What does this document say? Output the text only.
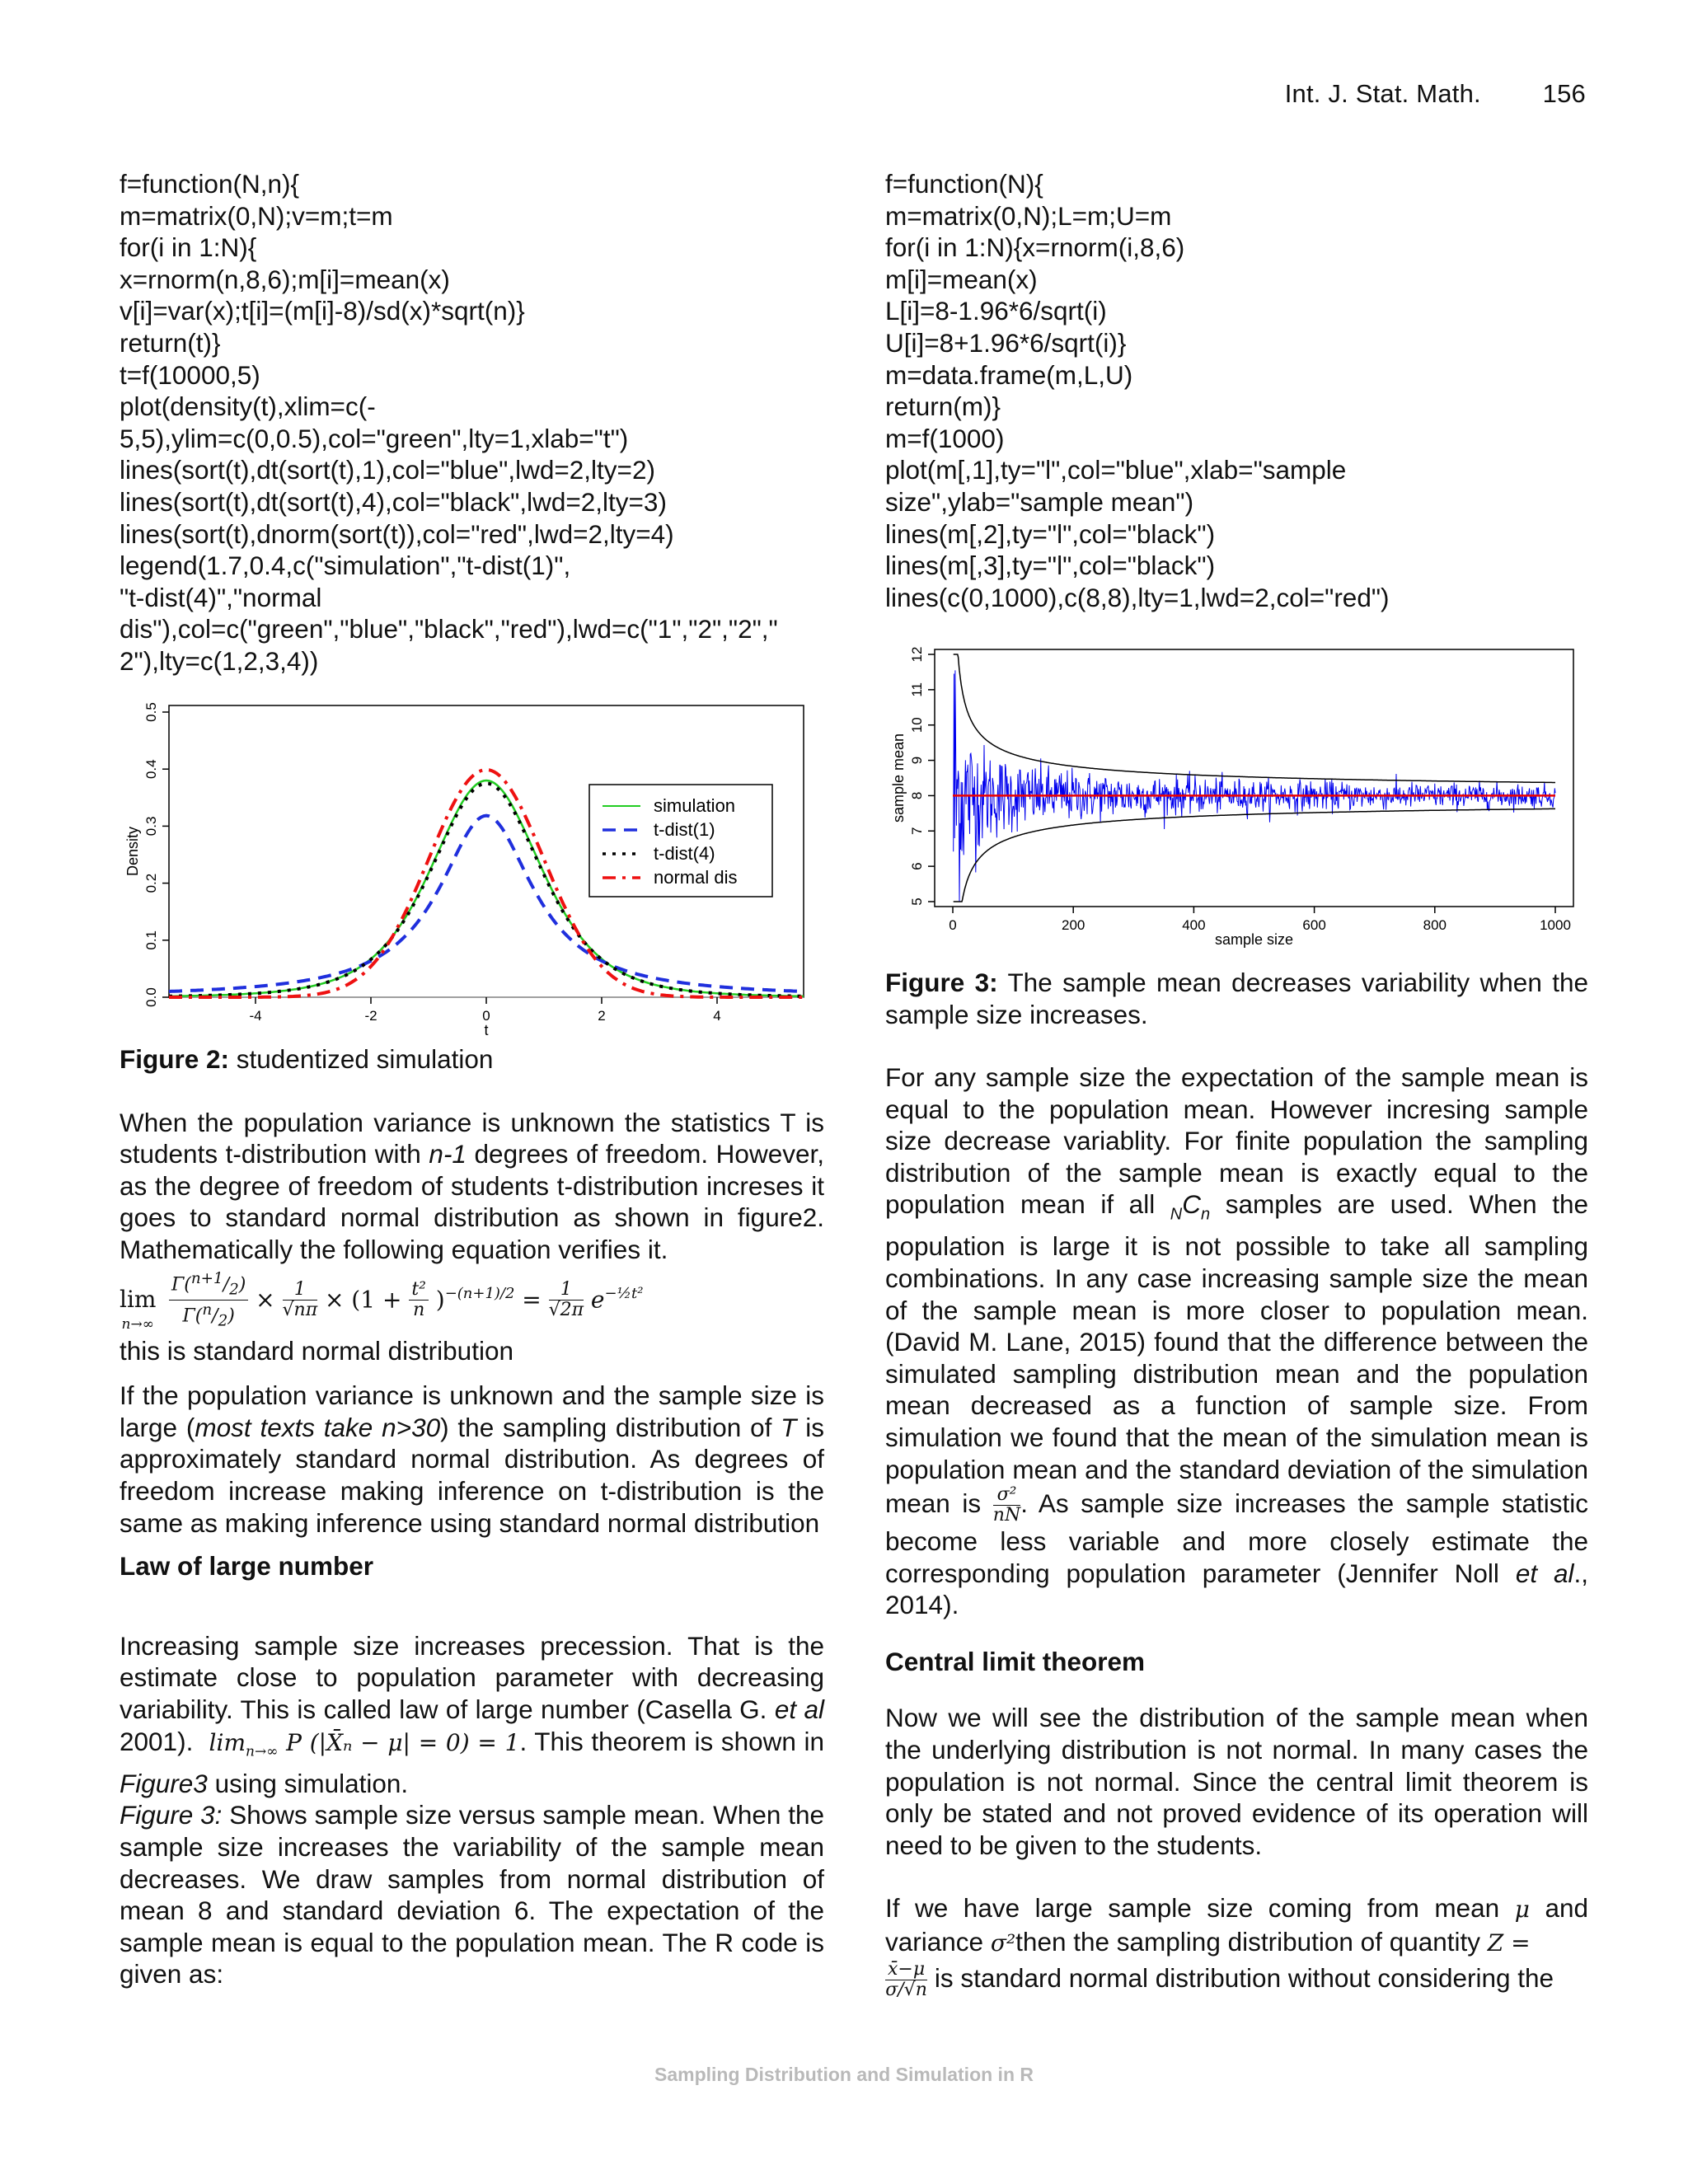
Int. J. Stat. Math. 156
f=function(N,n){
m=matrix(0,N);v=m;t=m
for(i in 1:N){
x=rnorm(n,8,6);m[i]=mean(x)
v[i]=var(x);t[i]=(m[i]-8)/sd(x)*sqrt(n)}
return(t)}
t=f(10000,5)
plot(density(t),xlim=c(-
5,5),ylim=c(0,0.5),col="green",lty=1,xlab="t")
lines(sort(t),dt(sort(t),1),col="blue",lwd=2,lty=2)
lines(sort(t),dt(sort(t),4),col="black",lwd=2,lty=3)
lines(sort(t),dnorm(sort(t)),col="red",lwd=2,lty=4)
legend(1.7,0.4,c("simulation","t-dist(1)",
"t-dist(4)","normal
dis"),col=c("green","blue","black","red"),lwd=c("1","2","2","
2"),lty=c(1,2,3,4))
-4	-2	0	2	4
0.0
0.1
0.2
0.3
0.4
0.5
t
Density
simulation
t-dist(1)
t-dist(4)
normal dis

Figure 2: studentized simulation

When the population variance is unknown the statistics T is students t-distribution with n-1 degrees of freedom. However, as the degree of freedom of students t-distribution increses it goes to standard normal distribution as shown in figure2. Mathematically the following equation verifies it.

lim
$n\to\infty \frac{\Gamma(^{n+1}/_2)}{\Gamma(^n/_2)} \times \frac{1}{√n\pi} \times (1 + \frac{\text{t²}}{n} )^{-(n+1)/2} = \frac{1}{√2\pi} e^{-\frac{1}{2}t^2}$

this is standard normal distribution

If the population variance is unknown and the sample size is large (most texts take n>30) the sampling distribution of T is approximately standard normal distribution. As degrees of freedom increase making inference on t-distribution is the same as making inference using standard normal distribution

Law of large number

Increasing sample size increases precession. That is the estimate close to population parameter with decreasing variability. This is called law of large number (Casella G. et al 2001). $\lim_{n\to\infty} P$ (|X̄ₙ − μ| = 0) = 1. This theorem is shown in Figure3 using simulation.

Figure 3: Shows sample size versus sample mean. When the sample size increases the variability of the sample mean decreases. We draw samples from normal distribution of mean 8 and standard deviation 6. The expectation of the sample mean is equal to the population mean. The R code is given as:

f=function(N){
m=matrix(0,N);L=m;U=m
for(i in 1:N){x=rnorm(i,8,6)
m[i]=mean(x)
L[i]=8-1.96*6/sqrt(i)
U[i]=8+1.96*6/sqrt(i)}
m=data.frame(m,L,U)
return(m)}
m=f(1000)
plot(m[,1],ty="l",col="blue",xlab="sample
size",ylab="sample mean")
lines(m[,2],ty="l",col="black")
lines(m[,3],ty="l",col="black")
lines(c(0,1000),c(8,8),lty=1,lwd=2,col="red")
0	200	400	600	800	1000
5
6
7
8
9
10
11
12
sample size
sample mean

Figure 3: The sample mean decreases variability when the sample size increases.

For any sample size the expectation of the sample mean is equal to the population mean. However incresing sample size decrease variablity. For finite population the sampling distribution of the sample mean is exactly equal to the population mean if all $_NC_n$ samples are used. When the population is large it is not possible to take all sampling combinations. In any case increasing sample size the mean of the sample mean is more closer to population mean. (David M. Lane, 2015) found that the difference between the simulated sampling distribution mean and the population mean decreased as a function of sample size. From simulation we found that the mean of the simulation mean is population mean and the standard deviation of the simulation mean is $\frac{\text{σ²}}{nN}$ . As sample size increases the sample statistic become less variable and more closely estimate the corresponding population parameter (Jennifer Noll et al., 2014).

Central limit theorem

Now we will see the distribution of the sample mean when the underlying distribution is not normal. In many cases the population is not normal. Since the central limit theorem is only be stated and not proved evidence of its operation will need to be given to the students.

If we have large sample size coming from mean μ and variance σ²then the sampling distribution of quantity Z =

$\frac{x̄-\mu}{\sigma/√n}$ is standard normal distribution without considering the

Sampling Distribution and Simulation in R
